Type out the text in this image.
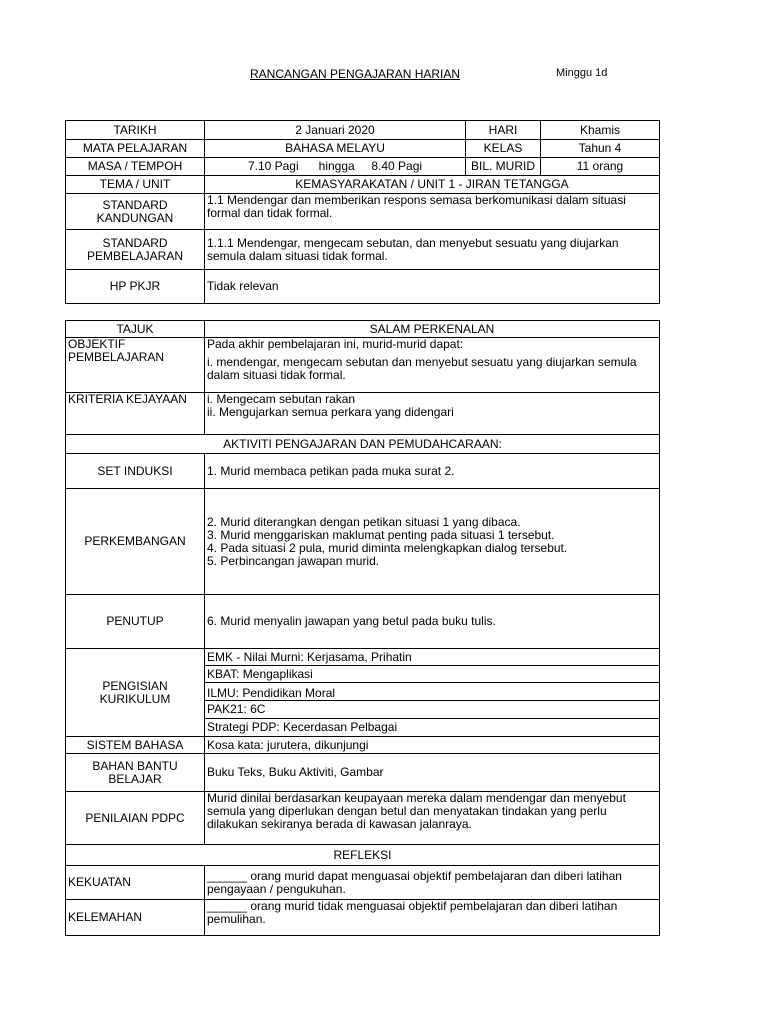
RANCANGAN PENGAJARAN HARIAN	Minggu 1d
TARIKH	2 Januari 2020	HARI	Khamis
MATA PELAJARAN	BAHASA MELAYU	KELAS	Tahun 4
MASA / TEMPOH	7.10 Pagi      hingga     8.40 Pagi	BIL. MURID	11 orang
TEMA / UNIT	KEMASYARAKATAN / UNIT 1 - JIRAN TETANGGA		
STANDARD KANDUNGAN	1.1 Mendengar dan memberikan respons semasa berkomunikasi dalam situasi formal dan tidak formal.		
STANDARD PEMBELAJARAN	1.1.1 Mendengar, mengecam sebutan, dan menyebut sesuatu yang diujarkan semula dalam situasi tidak formal.		
HP PKJR	Tidak relevan		
TAJUK	SALAM PERKENALAN
OBJEKTIF PEMBELAJARAN	Pada akhir pembelajaran ini, murid-murid dapat:
i. mendengar, mengecam sebutan dan menyebut sesuatu yang diujarkan semula dalam situasi tidak formal.

KRITERIA KEJAYAAN	i. Mengecam sebutan rakan
ii. Mengujarkan semua perkara yang didengari

AKTIVITI PENGAJARAN DAN PEMUDAHCARAAN:	
SET INDUKSI	1. Murid membaca petikan pada muka surat 2.
PERKEMBANGAN	2. Murid diterangkan dengan petikan situasi 1 yang dibaca.
3. Murid menggariskan maklumat penting pada situasi 1 tersebut.
4. Pada situasi 2 pula, murid diminta melengkapkan dialog tersebut.
5. Perbincangan jawapan murid.

PENUTUP	6. Murid menyalin jawapan yang betul pada buku tulis.
PENGISIAN KURIKULUM	EMK - Nilai Murni: Kerjasama, Prihatin
	KBAT: Mengaplikasi
	ILMU: Pendidikan Moral
	PAK21: 6C
	Strategi PDP: Kecerdasan Pelbagai
SISTEM BAHASA	Kosa kata: jurutera, dikunjungi
BAHAN BANTU BELAJAR	Buku Teks, Buku Aktiviti, Gambar
PENILAIAN PDPC	Murid dinilai berdasarkan keupayaan mereka dalam mendengar dan menyebut semula yang diperlukan dengan betul dan menyatakan tindakan yang perlu dilakukan sekiranya berada di kawasan jalanraya.
REFLEKSI	
KEKUATAN	______ orang murid dapat menguasai objektif pembelajaran dan diberi latihan pengayaan / pengukuhan.
KELEMAHAN	______ orang murid tidak menguasai objektif pembelajaran dan diberi latihan pemulihan.
